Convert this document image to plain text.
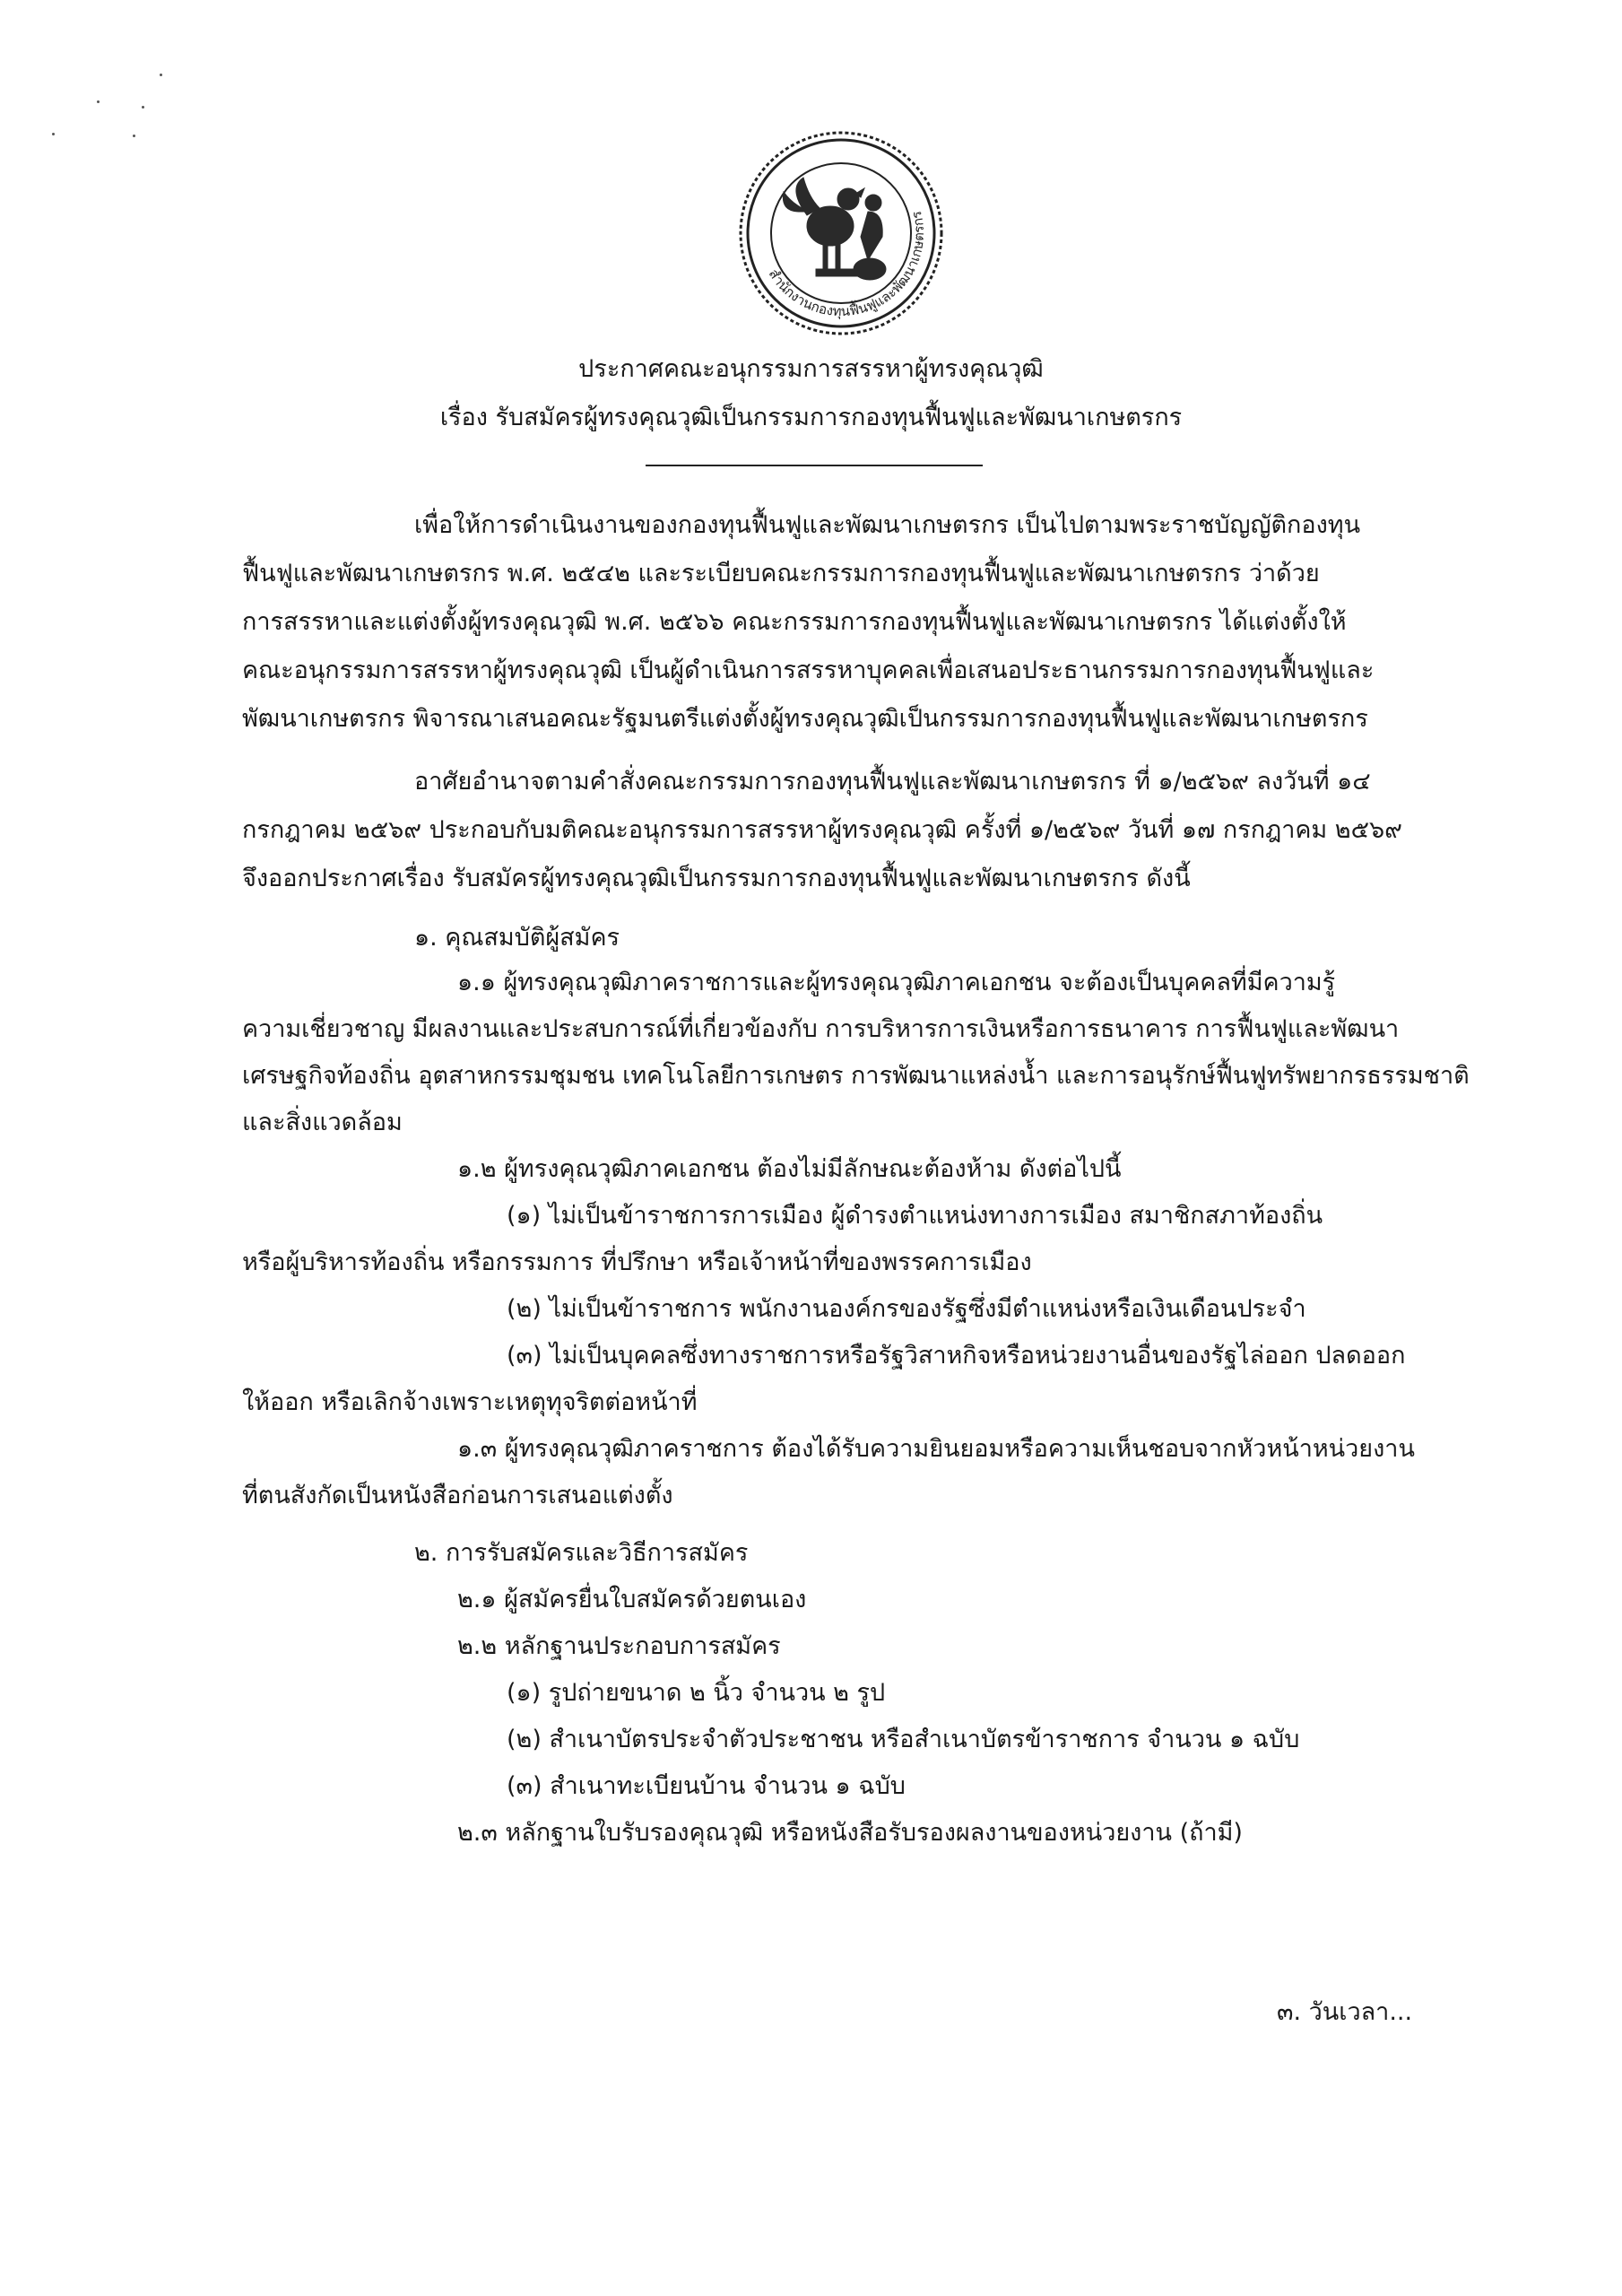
สำนักงานกองทุนฟื้นฟูและพัฒนาเกษตรกร
ประกาศคณะอนุกรรมการสรรหาผู้ทรงคุณวุฒิ
เรื่อง รับสมัครผู้ทรงคุณวุฒิเป็นกรรมการกองทุนฟื้นฟูและพัฒนาเกษตรกร
เพื่อให้การดำเนินงานของกองทุนฟื้นฟูและพัฒนาเกษตรกร เป็นไปตามพระราชบัญญัติกองทุน
ฟื้นฟูและพัฒนาเกษตรกร พ.ศ. ๒๕๔๒ และระเบียบคณะกรรมการกองทุนฟื้นฟูและพัฒนาเกษตรกร ว่าด้วย
การสรรหาและแต่งตั้งผู้ทรงคุณวุฒิ พ.ศ. ๒๕๖๖ คณะกรรมการกองทุนฟื้นฟูและพัฒนาเกษตรกร ได้แต่งตั้งให้
คณะอนุกรรมการสรรหาผู้ทรงคุณวุฒิ เป็นผู้ดำเนินการสรรหาบุคคลเพื่อเสนอประธานกรรมการกองทุนฟื้นฟูและ
พัฒนาเกษตรกร พิจารณาเสนอคณะรัฐมนตรีแต่งตั้งผู้ทรงคุณวุฒิเป็นกรรมการกองทุนฟื้นฟูและพัฒนาเกษตรกร
อาศัยอำนาจตามคำสั่งคณะกรรมการกองทุนฟื้นฟูและพัฒนาเกษตรกร ที่ ๑/๒๕๖๙ ลงวันที่ ๑๔
กรกฎาคม ๒๕๖๙ ประกอบกับมติคณะอนุกรรมการสรรหาผู้ทรงคุณวุฒิ ครั้งที่ ๑/๒๕๖๙ วันที่ ๑๗ กรกฎาคม ๒๕๖๙
จึงออกประกาศเรื่อง รับสมัครผู้ทรงคุณวุฒิเป็นกรรมการกองทุนฟื้นฟูและพัฒนาเกษตรกร ดังนี้
๑. คุณสมบัติผู้สมัคร
๑.๑ ผู้ทรงคุณวุฒิภาคราชการและผู้ทรงคุณวุฒิภาคเอกชน จะต้องเป็นบุคคลที่มีความรู้
ความเชี่ยวชาญ มีผลงานและประสบการณ์ที่เกี่ยวข้องกับ การบริหารการเงินหรือการธนาคาร การฟื้นฟูและพัฒนา
เศรษฐกิจท้องถิ่น อุตสาหกรรมชุมชน เทคโนโลยีการเกษตร การพัฒนาแหล่งน้ำ และการอนุรักษ์ฟื้นฟูทรัพยากรธรรมชาติ
และสิ่งแวดล้อม
๑.๒ ผู้ทรงคุณวุฒิภาคเอกชน ต้องไม่มีลักษณะต้องห้าม ดังต่อไปนี้
(๑) ไม่เป็นข้าราชการการเมือง ผู้ดำรงตำแหน่งทางการเมือง สมาชิกสภาท้องถิ่น
หรือผู้บริหารท้องถิ่น หรือกรรมการ ที่ปรึกษา หรือเจ้าหน้าที่ของพรรคการเมือง
(๒) ไม่เป็นข้าราชการ พนักงานองค์กรของรัฐซึ่งมีตำแหน่งหรือเงินเดือนประจำ
(๓) ไม่เป็นบุคคลซึ่งทางราชการหรือรัฐวิสาหกิจหรือหน่วยงานอื่นของรัฐไล่ออก ปลดออก
ให้ออก หรือเลิกจ้างเพราะเหตุทุจริตต่อหน้าที่
๑.๓ ผู้ทรงคุณวุฒิภาคราชการ ต้องได้รับความยินยอมหรือความเห็นชอบจากหัวหน้าหน่วยงาน
ที่ตนสังกัดเป็นหนังสือก่อนการเสนอแต่งตั้ง
๒. การรับสมัครและวิธีการสมัคร
๒.๑ ผู้สมัครยื่นใบสมัครด้วยตนเอง
๒.๒ หลักฐานประกอบการสมัคร
(๑) รูปถ่ายขนาด ๒ นิ้ว จำนวน ๒ รูป
(๒) สำเนาบัตรประจำตัวประชาชน หรือสำเนาบัตรข้าราชการ จำนวน ๑ ฉบับ
(๓) สำเนาทะเบียนบ้าน จำนวน ๑ ฉบับ
๒.๓ หลักฐานใบรับรองคุณวุฒิ หรือหนังสือรับรองผลงานของหน่วยงาน (ถ้ามี)
๓. วันเวลา...
